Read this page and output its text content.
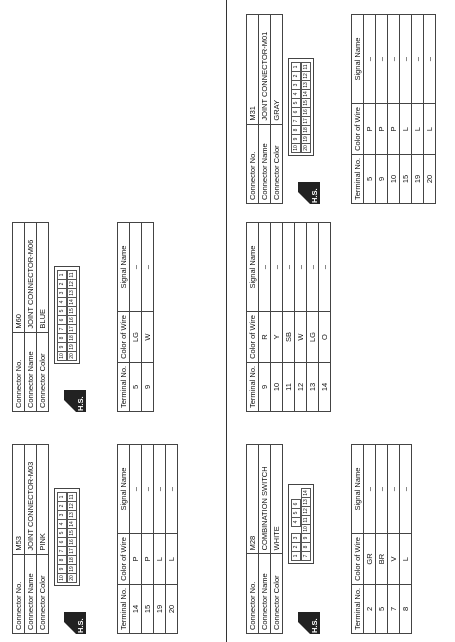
Connector No.	M28
Connector Name	COMBINATION SWITCH
Connector Color	WHITE
H.S.
1
2
3
4
5
6
7
8
9
10
11
12
13
14
Terminal No.	Color of Wire	Signal Name
2	GR	–
5	BR	–
7	V	–
8	L	–
Terminal No.	Color of Wire	Signal Name
9	R	–
10	Y	–
11	SB	–
12	W	–
13	LG	–
14	O	–
Connector No.	M31
Connector Name	JOINT CONNECTOR-M01
Connector Color	GRAY
H.S.
10
9
8
7
6
5
4
3
2
1
20
19
18
17
16
15
14
13
12
11
Terminal No.	Color of Wire	Signal Name
5	P	–
9	P	–
10	P	–
15	L	–
19	L	–
20	L	–
Connector No.	M53
Connector Name	JOINT CONNECTOR-M03
Connector Color	PINK
H.S.
10
9
8
7
6
5
4
3
2
1
20
19
18
17
16
15
14
13
12
11
Terminal No.	Color of Wire	Signal Name
14	P	–
15	P	–
19	L	–
20	L	–
Connector No.	M60
Connector Name	JOINT CONNECTOR-M06
Connector Color	BLUE
H.S.
10
9
8
7
6
5
4
3
2
1
20
19
18
17
16
15
14
13
12
11
Terminal No.	Color of Wire	Signal Name
5	LG	–
9	W	–
